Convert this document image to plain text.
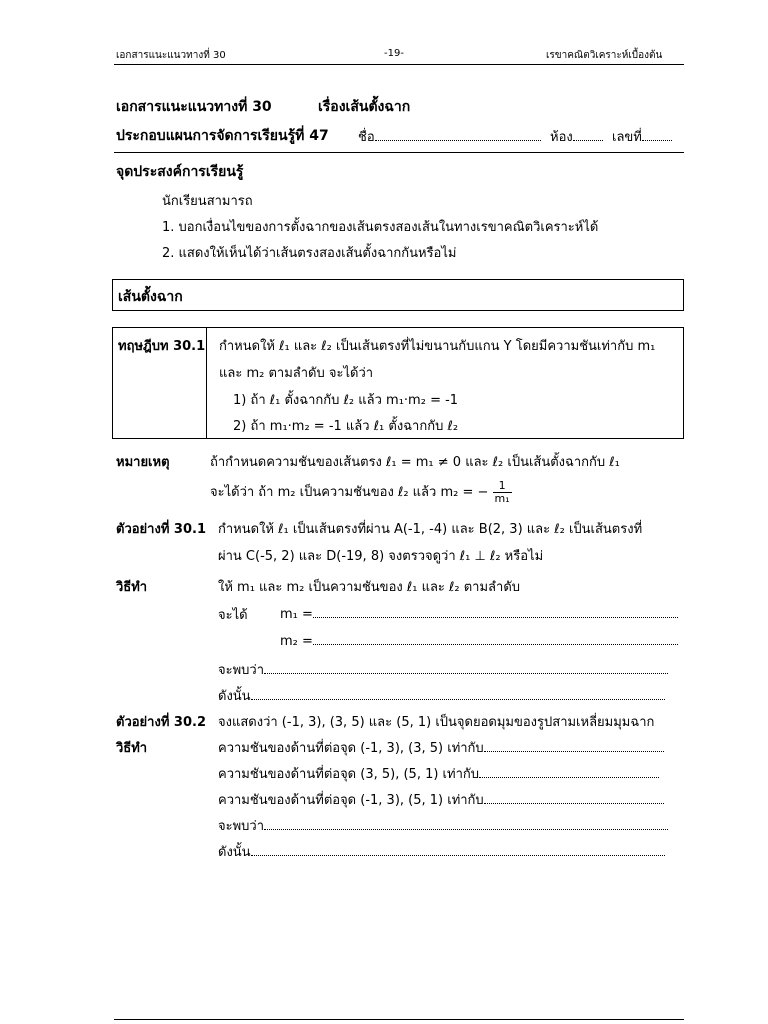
เอกสารแนะแนวทางที่ 30	-19-	เรขาคณิตวิเคราะห์เบื้องต้น
เอกสารแนะแนวทางที่ 30	เรื่องเส้นตั้งฉาก
ประกอบแผนการจัดการเรียนรู้ที่ 47 ชื่อ	ห้อง	เลขที่
จุดประสงค์การเรียนรู้
นักเรียนสามารถ
1. บอกเงื่อนไขของการตั้งฉากของเส้นตรงสองเส้นในทางเรขาคณิตวิเคราะห์ได้
2. แสดงให้เห็นได้ว่าเส้นตรงสองเส้นตั้งฉากกันหรือไม่
เส้นตั้งฉาก
ทฤษฎีบท 30.1 กำหนดให้ ℓ₁ และ ℓ₂ เป็นเส้นตรงที่ไม่ขนานกับแกน Y โดยมีความชันเท่ากับ m₁
และ m₂ ตามลำดับ จะได้ว่า
1) ถ้า ℓ₁ ตั้งฉากกับ ℓ₂ แล้ว m₁·m₂ = -1
2) ถ้า m₁·m₂ = -1 แล้ว ℓ₁ ตั้งฉากกับ ℓ₂
หมายเหตุ	ถ้ากำหนดความชันของเส้นตรง ℓ₁ = m₁ ≠ 0 และ ℓ₂ เป็นเส้นตั้งฉากกับ ℓ₁
จะได้ว่า ถ้า m₂ เป็นความชันของ ℓ₂ แล้ว m₂ = − $\frac{1}{\text{m₁}}$
ตัวอย่างที่ 30.1 กำหนดให้ ℓ₁ เป็นเส้นตรงที่ผ่าน A(-1, -4) และ B(2, 3) และ ℓ₂ เป็นเส้นตรงที่
ผ่าน C(-5, 2) และ D(-19, 8) จงตรวจดูว่า ℓ₁ ⊥ ℓ₂ หรือไม่
วิธีทำ	ให้ m₁ และ m₂ เป็นความชันของ ℓ₁ และ ℓ₂ ตามลำดับ
จะได้ m₁ =
m₂ =
จะพบว่า
ดังนั้น
ตัวอย่างที่ 30.2 จงแสดงว่า (-1, 3), (3, 5) และ (5, 1) เป็นจุดยอดมุมของรูปสามเหลี่ยมมุมฉาก
วิธีทำ	ความชันของด้านที่ต่อจุด (-1, 3), (3, 5) เท่ากับ
ความชันของด้านที่ต่อจุด (3, 5), (5, 1) เท่ากับ
ความชันของด้านที่ต่อจุด (-1, 3), (5, 1) เท่ากับ
จะพบว่า
ดังนั้น
